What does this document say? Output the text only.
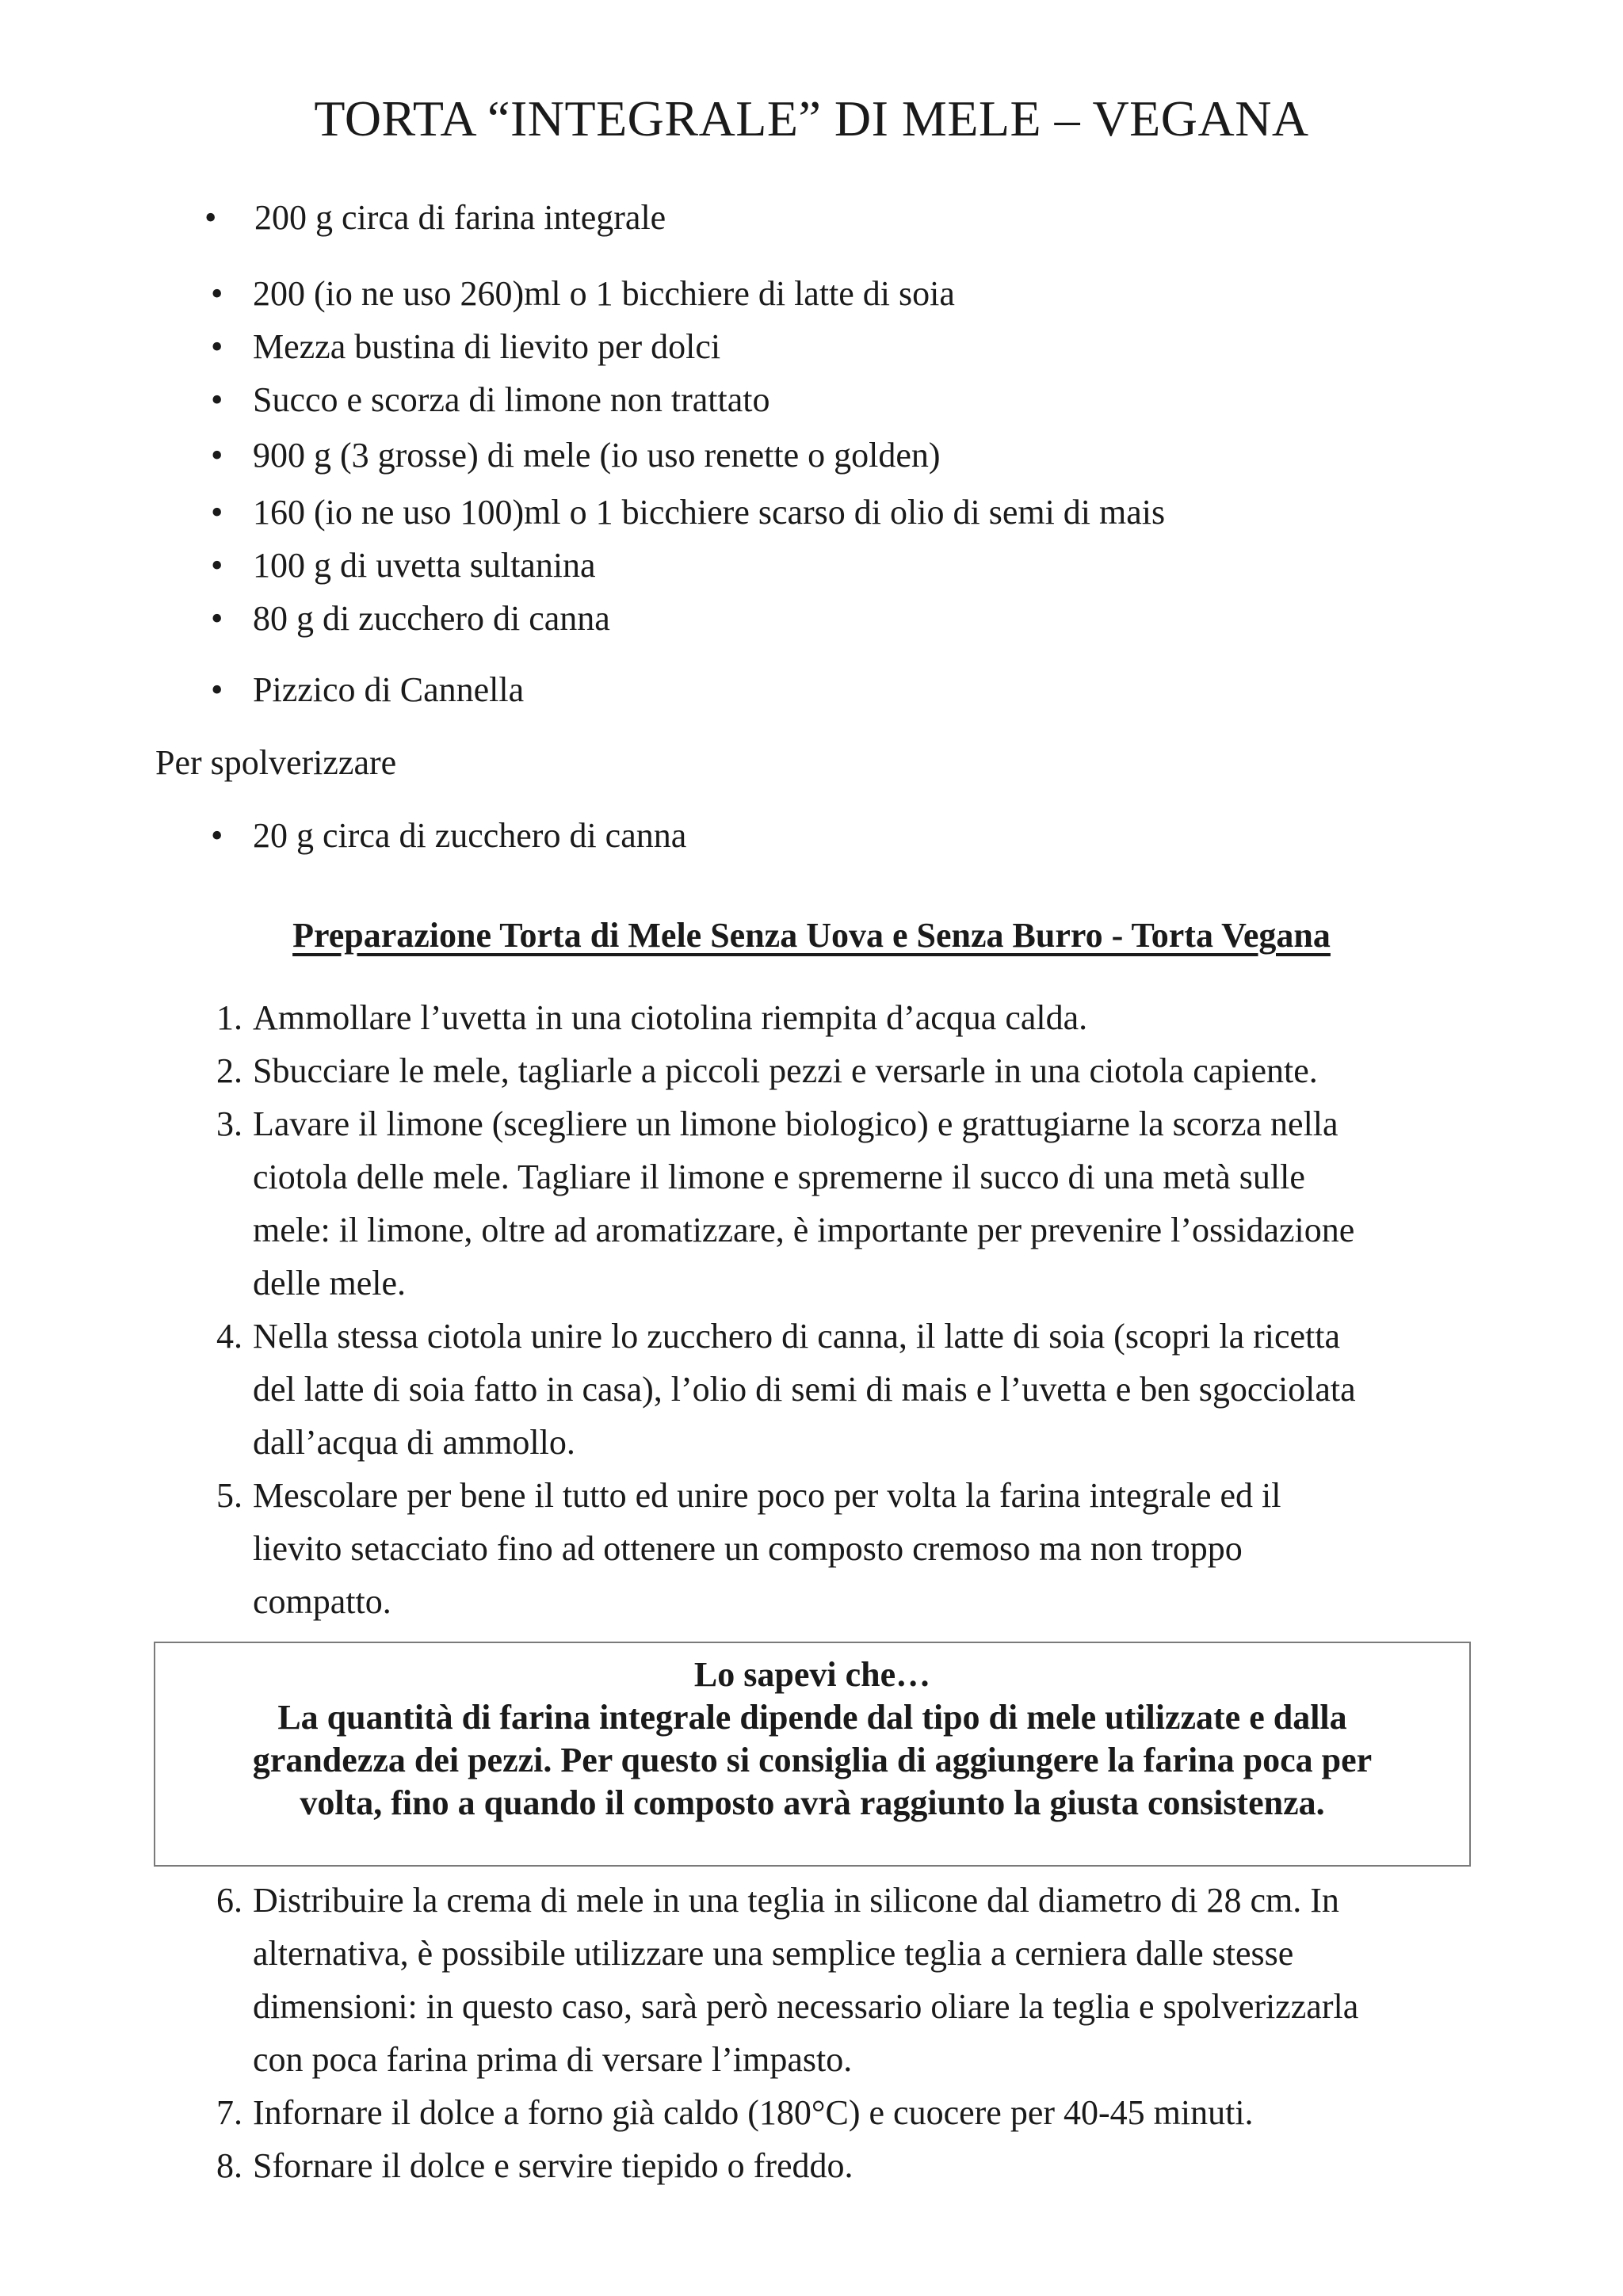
TORTA “INTEGRALE” DI MELE – VEGANA
• 200 g circa di farina integrale
• 200 (io ne uso 260)ml o 1 bicchiere di latte di soia
• Mezza bustina di lievito per dolci
• Succo e scorza di limone non trattato
• 900 g (3 grosse) di mele (io uso renette o golden)
• 160 (io ne uso 100)ml o 1 bicchiere scarso di olio di semi di mais
• 100 g di uvetta sultanina
• 80 g di zucchero di canna
• Pizzico di Cannella
Per spolverizzare
• 20 g circa di zucchero di canna
Preparazione Torta di Mele Senza Uova e Senza Burro - Torta Vegana
1. Ammollare l’uvetta in una ciotolina riempita d’acqua calda.
2. Sbucciare le mele, tagliarle a piccoli pezzi e versarle in una ciotola capiente.
3. Lavare il limone (scegliere un limone biologico) e grattugiarne la scorza nella
ciotola delle mele. Tagliare il limone e spremerne il succo di una metà sulle
mele: il limone, oltre ad aromatizzare, è importante per prevenire l’ossidazione
delle mele.
4. Nella stessa ciotola unire lo zucchero di canna, il latte di soia (scopri la ricetta
del latte di soia fatto in casa), l’olio di semi di mais e l’uvetta e ben sgocciolata
dall’acqua di ammollo.
5. Mescolare per bene il tutto ed unire poco per volta la farina integrale ed il
lievito setacciato fino ad ottenere un composto cremoso ma non troppo
compatto.
Lo sapevi che…
La quantità di farina integrale dipende dal tipo di mele utilizzate e dalla
grandezza dei pezzi. Per questo si consiglia di aggiungere la farina poca per
volta, fino a quando il composto avrà raggiunto la giusta consistenza.
6. Distribuire la crema di mele in una teglia in silicone dal diametro di 28 cm. In
alternativa, è possibile utilizzare una semplice teglia a cerniera dalle stesse
dimensioni: in questo caso, sarà però necessario oliare la teglia e spolverizzarla
con poca farina prima di versare l’impasto.
7. Infornare il dolce a forno già caldo (180°C) e cuocere per 40-45 minuti.
8. Sfornare il dolce e servire tiepido o freddo.
